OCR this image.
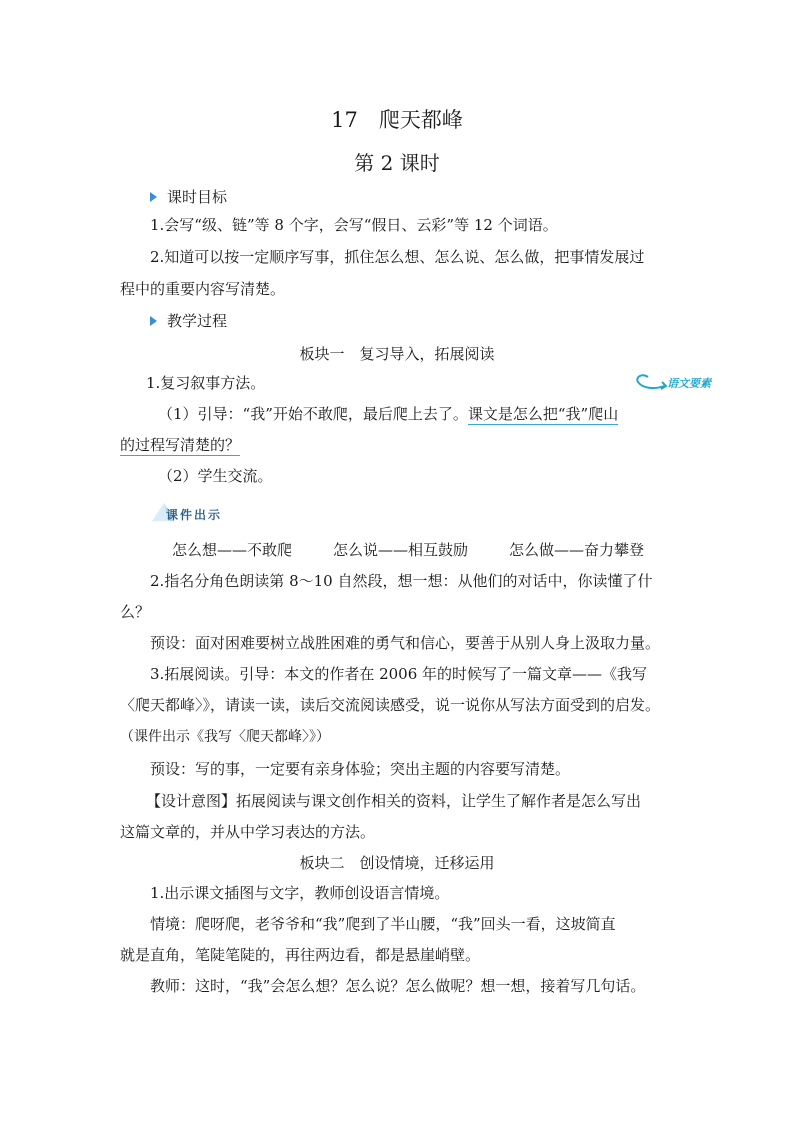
17　爬天都峰
第 2 课时
课时目标
1.会写“级、链”等 8 个字，会写“假日、云彩”等 12 个词语。
2.知道可以按一定顺序写事，抓住怎么想、怎么说、怎么做，把事情发展过
程中的重要内容写清楚。
教学过程
板块一　复习导入，拓展阅读
1.复习叙事方法。	语文要素
（1）引导：“我”开始不敢爬，最后爬上去了。课文是怎么把“我”爬山
的过程写清楚的？
（2）学生交流。
课件出示
怎么想——不敢爬	怎么说——相互鼓励	怎么做——奋力攀登
2.指名分角色朗读第 8～10 自然段，想一想：从他们的对话中，你读懂了什
么？
预设：面对困难要树立战胜困难的勇气和信心，要善于从别人身上汲取力量。
3.拓展阅读。引导：本文的作者在 2006 年的时候写了一篇文章——《我写
〈爬天都峰〉》，请读一读，读后交流阅读感受，说一说你从写法方面受到的启发。
（课件出示《我写〈爬天都峰〉》）
预设：写的事，一定要有亲身体验；突出主题的内容要写清楚。
【设计意图】拓展阅读与课文创作相关的资料，让学生了解作者是怎么写出
这篇文章的，并从中学习表达的方法。
板块二　创设情境，迁移运用
1.出示课文插图与文字，教师创设语言情境。
情境：爬呀爬，老爷爷和“我”爬到了半山腰，“我”回头一看，这坡简直
就是直角，笔陡笔陡的，再往两边看，都是悬崖峭壁。
教师：这时，“我”会怎么想？怎么说？怎么做呢？想一想，接着写几句话。
